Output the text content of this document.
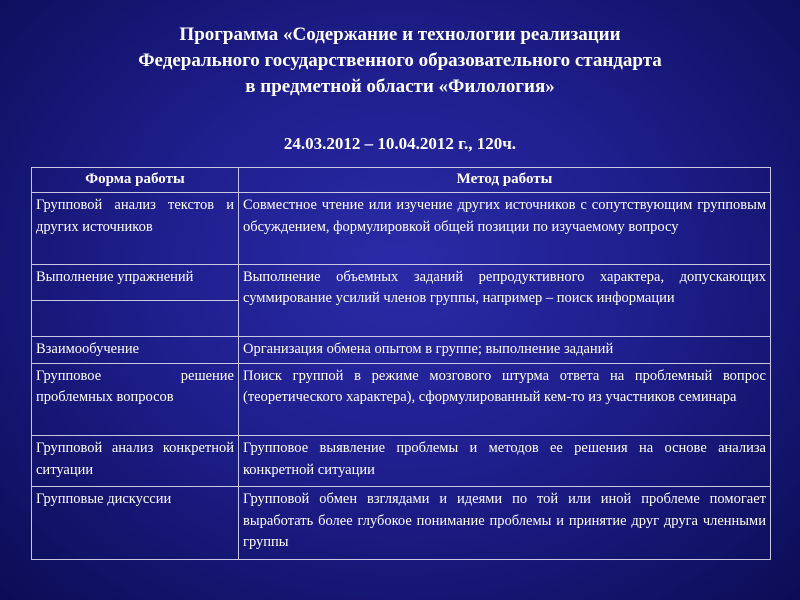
Программа «Содержание и технологии реализации
Федерального государственного образовательного стандарта
в предметной области «Филология»
24.03.2012 – 10.04.2012 г., 120ч.
Форма работы	Метод работы
Групповой анализ текстов и других источников	Совместное чтение или изучение других источников с сопутствующим групповым обсуждением, формулировкой общей позиции по изучаемому вопросу
Выполнение упражнений	Выполнение объемных заданий репродуктивного характера, допускающих суммирование усилий членов группы, например – поиск информации

Взаимообучение	Организация обмена опытом в группе; выполнение заданий
Групповое решение проблемных вопросов	Поиск группой в режиме мозгового штурма ответа на проблемный вопрос (теоретического характера), сформулированный кем-то из участников семинара
Групповой анализ конкретной ситуации	Групповое выявление проблемы и методов ее решения на основе анализа конкретной ситуации
Групповые дискуссии	Групповой обмен взглядами и идеями по той или иной проблеме помогает выработать более глубокое понимание проблемы и принятие друг друга членными группы
